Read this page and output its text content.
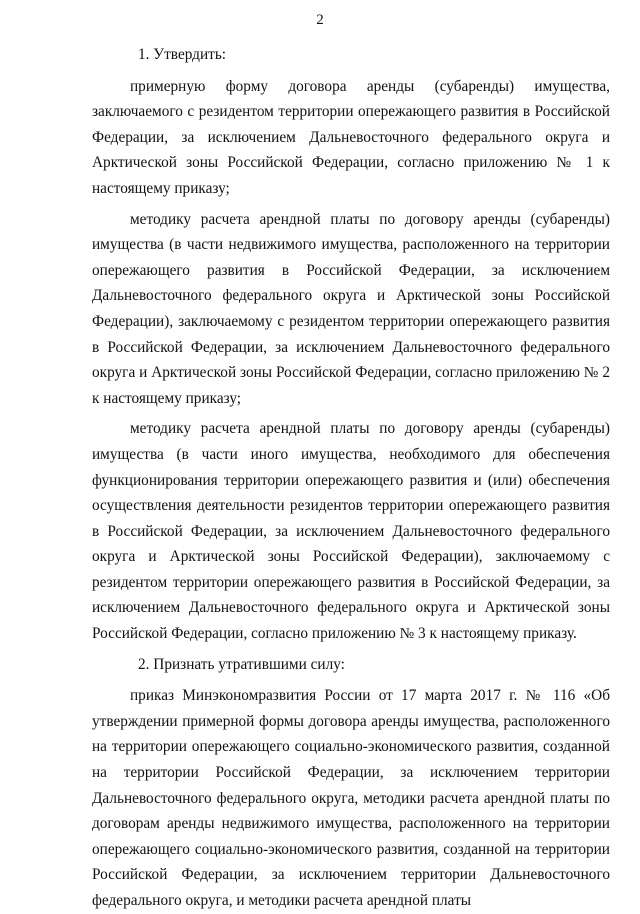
2

1. Утвердить:

примерную форму договора аренды (субаренды) имущества, заключаемого с резидентом территории опережающего развития в Российской Федерации, за исключением Дальневосточного федерального округа и Арктической зоны Российской Федерации, согласно приложению № 1 к настоящему приказу;

методику расчета арендной платы по договору аренды (субаренды) имущества (в части недвижимого имущества, расположенного на территории опережающего развития в Российской Федерации, за исключением Дальневосточного федерального округа и Арктической зоны Российской Федерации), заключаемому с резидентом территории опережающего развития в Российской Федерации, за исключением Дальневосточного федерального округа и Арктической зоны Российской Федерации, согласно приложению № 2 к настоящему приказу;

методику расчета арендной платы по договору аренды (субаренды) имущества (в части иного имущества, необходимого для обеспечения функционирования территории опережающего развития и (или) обеспечения осуществления деятельности резидентов территории опережающего развития в Российской Федерации, за исключением Дальневосточного федерального округа и Арктической зоны Российской Федерации), заключаемому с резидентом территории опережающего развития в Российской Федерации, за исключением Дальневосточного федерального округа и Арктической зоны Российской Федерации, согласно приложению № 3 к настоящему приказу.

2. Признать утратившими силу:

приказ Минэкономразвития России от 17 марта 2017 г. № 116 «Об утверждении примерной формы договора аренды имущества, расположенного на территории опережающего социально-экономического развития, созданной на территории Российской Федерации, за исключением территории Дальневосточного федерального округа, методики расчета арендной платы по договорам аренды недвижимого имущества, расположенного на территории опережающего социально-экономического развития, созданной на территории Российской Федерации, за исключением территории Дальневосточного федерального округа, и методики расчета арендной платы
